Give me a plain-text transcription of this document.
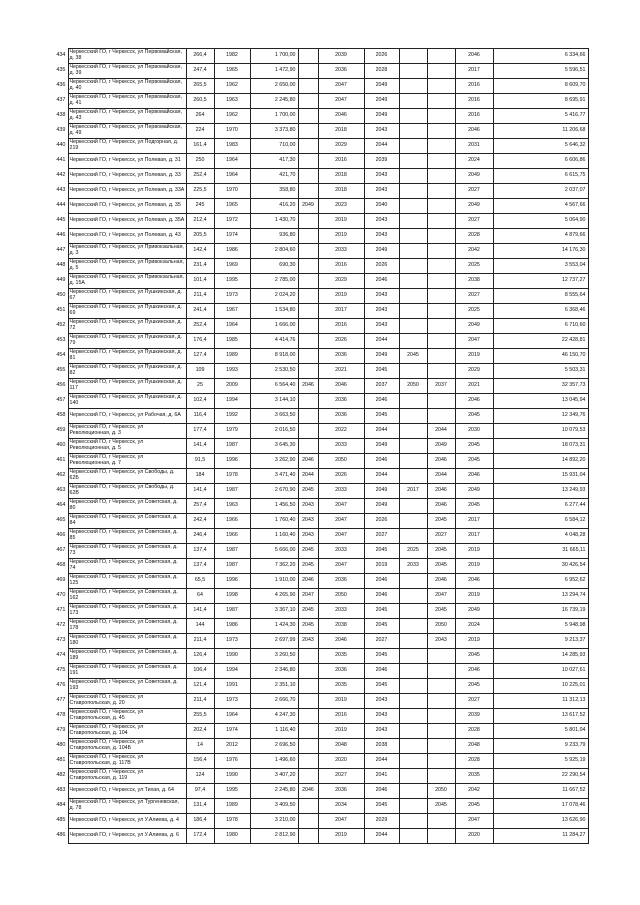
434	Черкесский ГО, г Черкесск, ул Первомайская, д. 38	266,4	1982	1 700,00		2039	2026			2046	6 334,66
435	Черкесский ГО, г Черкесск, ул Первомайская, д. 39	247,4	1965	1 472,90		2036	2028			2017	5 596,51
436	Черкесский ГО, г Черкесск, ул Первомайская, д. 40	265,5	1962	2 650,00		2047	2049			2016	8 609,70
437	Черкесский ГО, г Черкесск, ул Первомайская, д. 41	260,5	1963	2 245,80		2047	2049			2016	8 695,91
438	Черкесский ГО, г Черкесск, ул Первомайская, д. 43	264	1962	1 700,00		2046	2049			2016	5 416,77
439	Черкесский ГО, г Черкесск, ул Первомайская, д. 49	224	1970	3 373,80		2018	2043			2046	11 206,68
440	Черкесский ГО, г Черкесск, ул Подгорная, д. 219	161,4	1983	710,00		2029	2044			2031	5 646,32
441	Черкесский ГО, г Черкесск, ул Полевая, д. 31	250	1964	417,30		2016	2039			2024	6 606,86
442	Черкесский ГО, г Черкесск, ул Полевая, д. 33	252,4	1964	421,70		2018	2043			2049	6 615,75
443	Черкесский ГО, г Черкесск, ул Полевая, д. 33А	225,5	1970	358,80		2018	2043			2027	2 037,07
444	Черкесский ГО, г Черкесск, ул Полевая, д. 35	245	1965	416,20	2049	2023	2040			2049	4 567,66
445	Черкесский ГО, г Черкесск, ул Полевая, д. 35А	212,4	1972	1 430,70		2019	2043			2027	5 064,90
446	Черкесский ГО, г Черкесск, ул Полевая, д. 43	205,5	1974	936,80		2019	2043			2028	4 879,66
447	Черкесский ГО, г Черкесск, ул Привокзальная, д. 3	142,4	1986	2 804,60		2033	2049			2042	14 176,30
448	Черкесский ГО, г Черкесск, ул Привокзальная, д. 5	231,4	1969	690,30		2016	2026			2025	3 553,04
449	Черкесский ГО, г Черкесск, ул Привокзальная, д. 15А	101,4	1995	2 785,00		2029	2046			2038	12 737,27
450	Черкесский ГО, г Черкесск, ул Пушкинская, д. 67	211,4	1973	2 024,20		2019	2043			2027	8 555,64
451	Черкесский ГО, г Черкесск, ул Пушкинская, д. 69	241,4	1967	1 534,80		2017	2043			2025	6 368,46
452	Черкесский ГО, г Черкесск, ул Пушкинская, д. 72	252,4	1964	1 666,00		2016	2043			2049	6 710,60
453	Черкесский ГО, г Черкесск, ул Пушкинская, д. 79	176,4	1985	4 414,76		2026	2044			2047	22 428,81
454	Черкесский ГО, г Черкесск, ул Пушкинская, д. 81	127,4	1989	8 918,00		2036	2049	2045		2019	46 150,70
455	Черкесский ГО, г Черкесск, ул Пушкинская, д. 82	109	1993	2 530,50		2021	2045			2029	5 503,31
456	Черкесский ГО, г Черкесск, ул Пушкинская, д. 117	25	2009	6 564,40	2046	2046	2037	2050	2037	2021	32 357,73
457	Черкесский ГО, г Черкесск, ул Пушкинская, д. 140	102,4	1994	3 144,10		2036	2046			2046	13 045,94
458	Черкесский ГО, г Черкесск, ул Рабочая, д. 6А	116,4	1992	3 663,50		2036	2045			2045	12 349,76
459	Черкесский ГО, г Черкесск, ул Революционная, д. 3	177,4	1979	2 016,50		2022	2044		2044	2030	10 079,53
460	Черкесский ГО, г Черкесск, ул Революционная, д. 5	141,4	1987	3 645,30		2033	2049		2049	2045	18 073,31
461	Черкесский ГО, г Черкесск, ул Революционная, д. 7	91,5	1996	3 262,90	2046	2050	2046		2046	2045	14 892,20
462	Черкесский ГО, г Черкесск, ул Свободы, д. 62Б	184	1978	3 471,40	2044	2026	2044		2044	2046	15 931,04
463	Черкесский ГО, г Черкесск, ул Свободы, д. 62В	141,4	1987	2 670,90	2045	2033	2049	2017	2046	2049	13 249,93
464	Черкесский ГО, г Черкесск, ул Советская, д. 80	257,4	1963	1 456,50	2043	2047	2049		2046	2045	6 277,44
465	Черкесский ГО, г Черкесск, ул Советская, д. 84	242,4	1966	1 760,40	2043	2047	2026		2045	2017	6 584,12
466	Черкесский ГО, г Черкесск, ул Советская, д. 85	246,4	1966	1 160,40	2043	2047	2027		2027	2017	4 048,28
467	Черкесский ГО, г Черкесск, ул Советская, д. 73	137,4	1987	5 666,00	2045	2033	2045	2025	2045	2019	31 665,11
468	Черкесский ГО, г Черкесск, ул Советская, д. 74	137,4	1987	7 362,20	2045	2047	2019	2033	2045	2019	30 426,54
469	Черкесский ГО, г Черкесск, ул Советская, д. 125	65,5	1996	1 910,00	2046	2036	2046		2046	2046	6 952,62
470	Черкесский ГО, г Черкесск, ул Советская, д. 162	64	1998	4 265,90	2047	2050	2046		2047	2019	13 294,74
471	Черкесский ГО, г Черкесск, ул Советская, д. 173	141,4	1987	3 367,10	2045	2033	2045		2045	2049	16 739,19
472	Черкесский ГО, г Черкесск, ул Советская, д. 178	144	1986	1 424,30	2045	2038	2045		2050	2024	5 948,98
473	Черкесский ГО, г Черкесск, ул Советская, д. 180	211,4	1973	2 697,99	2043	2046	2027		2043	2019	9 213,37
474	Черкесский ГО, г Черкесск, ул Советская, д. 189	126,4	1990	3 260,50		2035	2045			2045	14 285,93
475	Черкесский ГО, г Черкесск, ул Советская, д. 191	106,4	1994	2 346,80		2036	2046			2046	10 027,61
476	Черкесский ГО, г Черкесск, ул Советская, д. 193	121,4	1991	2 351,10		2035	2045			2045	10 225,01
477	Черкесский ГО, г Черкесск, ул Ставропольская, д. 20	211,4	1973	2 666,70		2019	2043			2027	11 312,13
478	Черкесский ГО, г Черкесск, ул Ставропольская, д. 45	255,5	1964	4 247,30		2016	2043			2039	13 617,52
479	Черкесский ГО, г Черкесск, ул Ставропольская, д. 104	202,4	1974	1 116,40		2019	2043			2028	5 801,04
480	Черкесский ГО, г Черкесск, ул Ставропольская, д. 104Б	14	2012	2 696,50		2048	2038			2048	9 233,79
481	Черкесский ГО, г Черкесск, ул Ставропольская, д. 117В	156,4	1976	1 496,60		2020	2044			2028	5 925,19
482	Черкесский ГО, г Черкесск, ул Ставропольская, д. 119	124	1990	3 407,20		2027	2041			2035	22 290,54
483	Черкесский ГО, г Черкесск, ул Тихая, д. 64	97,4	1995	2 245,80	2046	2036	2046		2050	2042	11 667,52
484	Черкесский ГО, г Черкесск, ул Тургеневская, д. 78	131,4	1989	3 409,50		2034	2045		2045	2045	17 078,46
485	Черкесский ГО, г Черкесск, ул У.Алиева, д. 4	186,4	1978	3 210,00		2047	2029			2047	13 626,90
486	Черкесский ГО, г Черкесск, ул У.Алиева, д. 6	172,4	1980	2 812,90		2019	2044			2020	11 284,27
